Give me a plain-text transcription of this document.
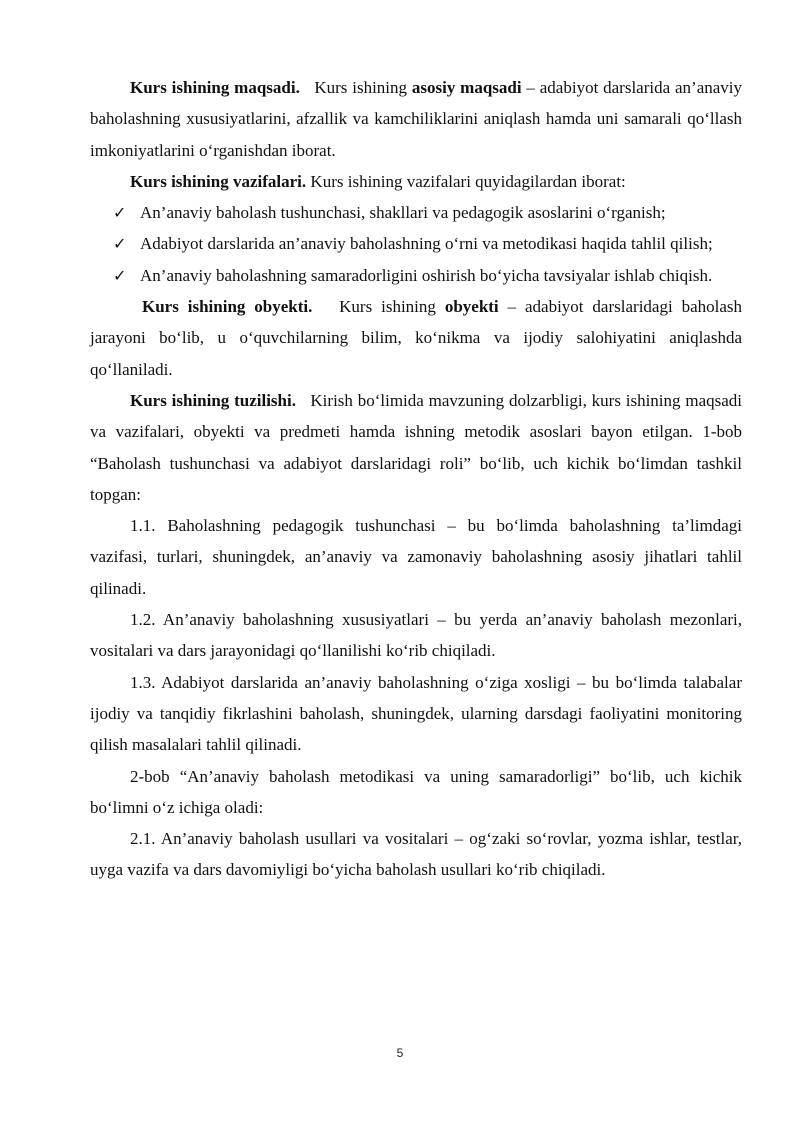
Kurs ishining maqsadi. Kurs ishining asosiy maqsadi – adabiyot darslarida an’anaviy baholashning xususiyatlarini, afzallik va kamchiliklarini aniqlash hamda uni samarali qo‘llash imkoniyatlarini o‘rganishdan iborat.

Kurs ishining vazifalari. Kurs ishining vazifalari quyidagilardan iborat:

✓ An’anaviy baholash tushunchasi, shakllari va pedagogik asoslarini o‘rganish;
✓ Adabiyot darslarida an’anaviy baholashning o‘rni va metodikasi haqida tahlil qilish;
✓ An’anaviy baholashning samaradorligini oshirish bo‘yicha tavsiyalar ishlab chiqish.

Kurs ishining obyekti. Kurs ishining obyekti – adabiyot darslaridagi baholash jarayoni bo‘lib, u o‘quvchilarning bilim, ko‘nikma va ijodiy salohiyatini aniqlashda qo‘llaniladi.

Kurs ishining tuzilishi. Kirish bo‘limida mavzuning dolzarbligi, kurs ishining maqsadi va vazifalari, obyekti va predmeti hamda ishning metodik asoslari bayon etilgan. 1-bob “Baholash tushunchasi va adabiyot darslaridagi roli” bo‘lib, uch kichik bo‘limdan tashkil topgan:

1.1. Baholashning pedagogik tushunchasi – bu bo‘limda baholashning ta’limdagi vazifasi, turlari, shuningdek, an’anaviy va zamonaviy baholashning asosiy jihatlari tahlil qilinadi.

1.2. An’anaviy baholashning xususiyatlari – bu yerda an’anaviy baholash mezonlari, vositalari va dars jarayonidagi qo‘llanilishi ko‘rib chiqiladi.

1.3. Adabiyot darslarida an’anaviy baholashning o‘ziga xosligi – bu bo‘limda talabalar ijodiy va tanqidiy fikrlashini baholash, shuningdek, ularning darsdagi faoliyatini monitoring qilish masalalari tahlil qilinadi.

2-bob “An’anaviy baholash metodikasi va uning samaradorligi” bo‘lib, uch kichik bo‘limni o‘z ichiga oladi:

2.1. An’anaviy baholash usullari va vositalari – og‘zaki so‘rovlar, yozma ishlar, testlar, uyga vazifa va dars davomiyligi bo‘yicha baholash usullari ko‘rib chiqiladi.

5
